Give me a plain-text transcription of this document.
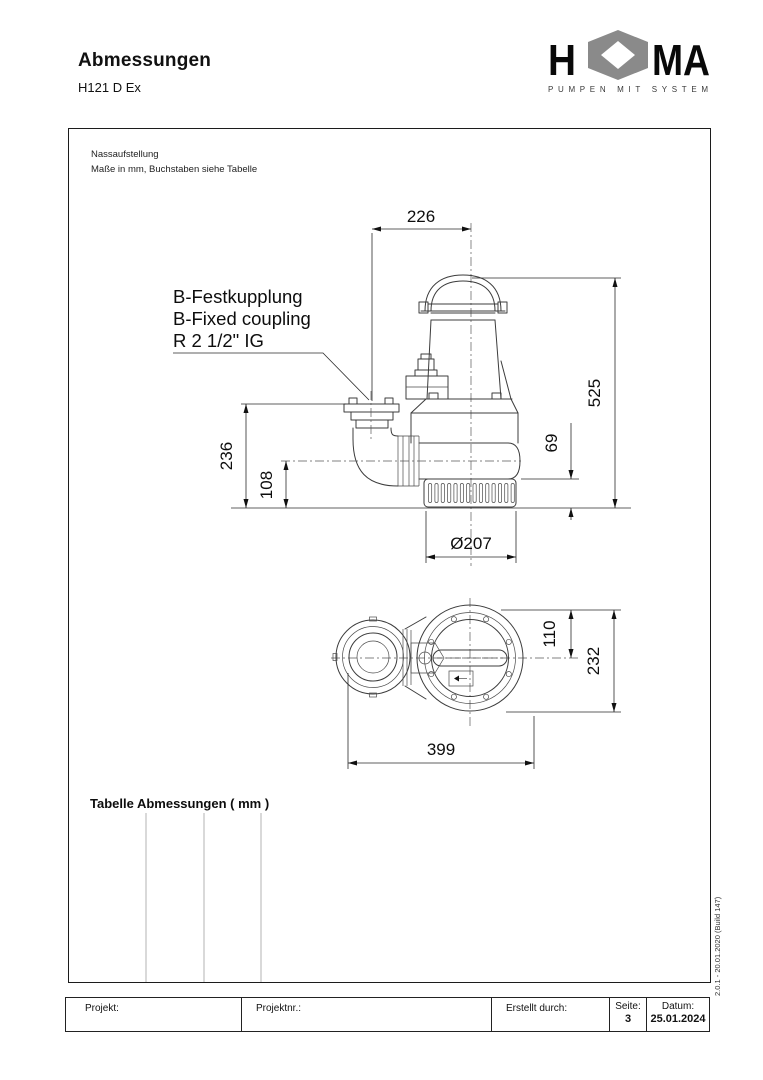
Abmessungen
H121 D Ex
H MA
PUMPEN MIT SYSTEM
Nassaufstellung
Maße in mm, Buchstaben siehe Tabelle
Tabelle Abmessungen ( mm )
B-Festkupplung
B-Fixed coupling
R 2 1/2" IG
226
525
69
236
108
Ø207
110
232
399
2.0.1 - 20.01.2020 (Build 147)
Projekt:	Projektnr.:	Erstellt durch:	Seite:
3
Datum:
25.01.2024
